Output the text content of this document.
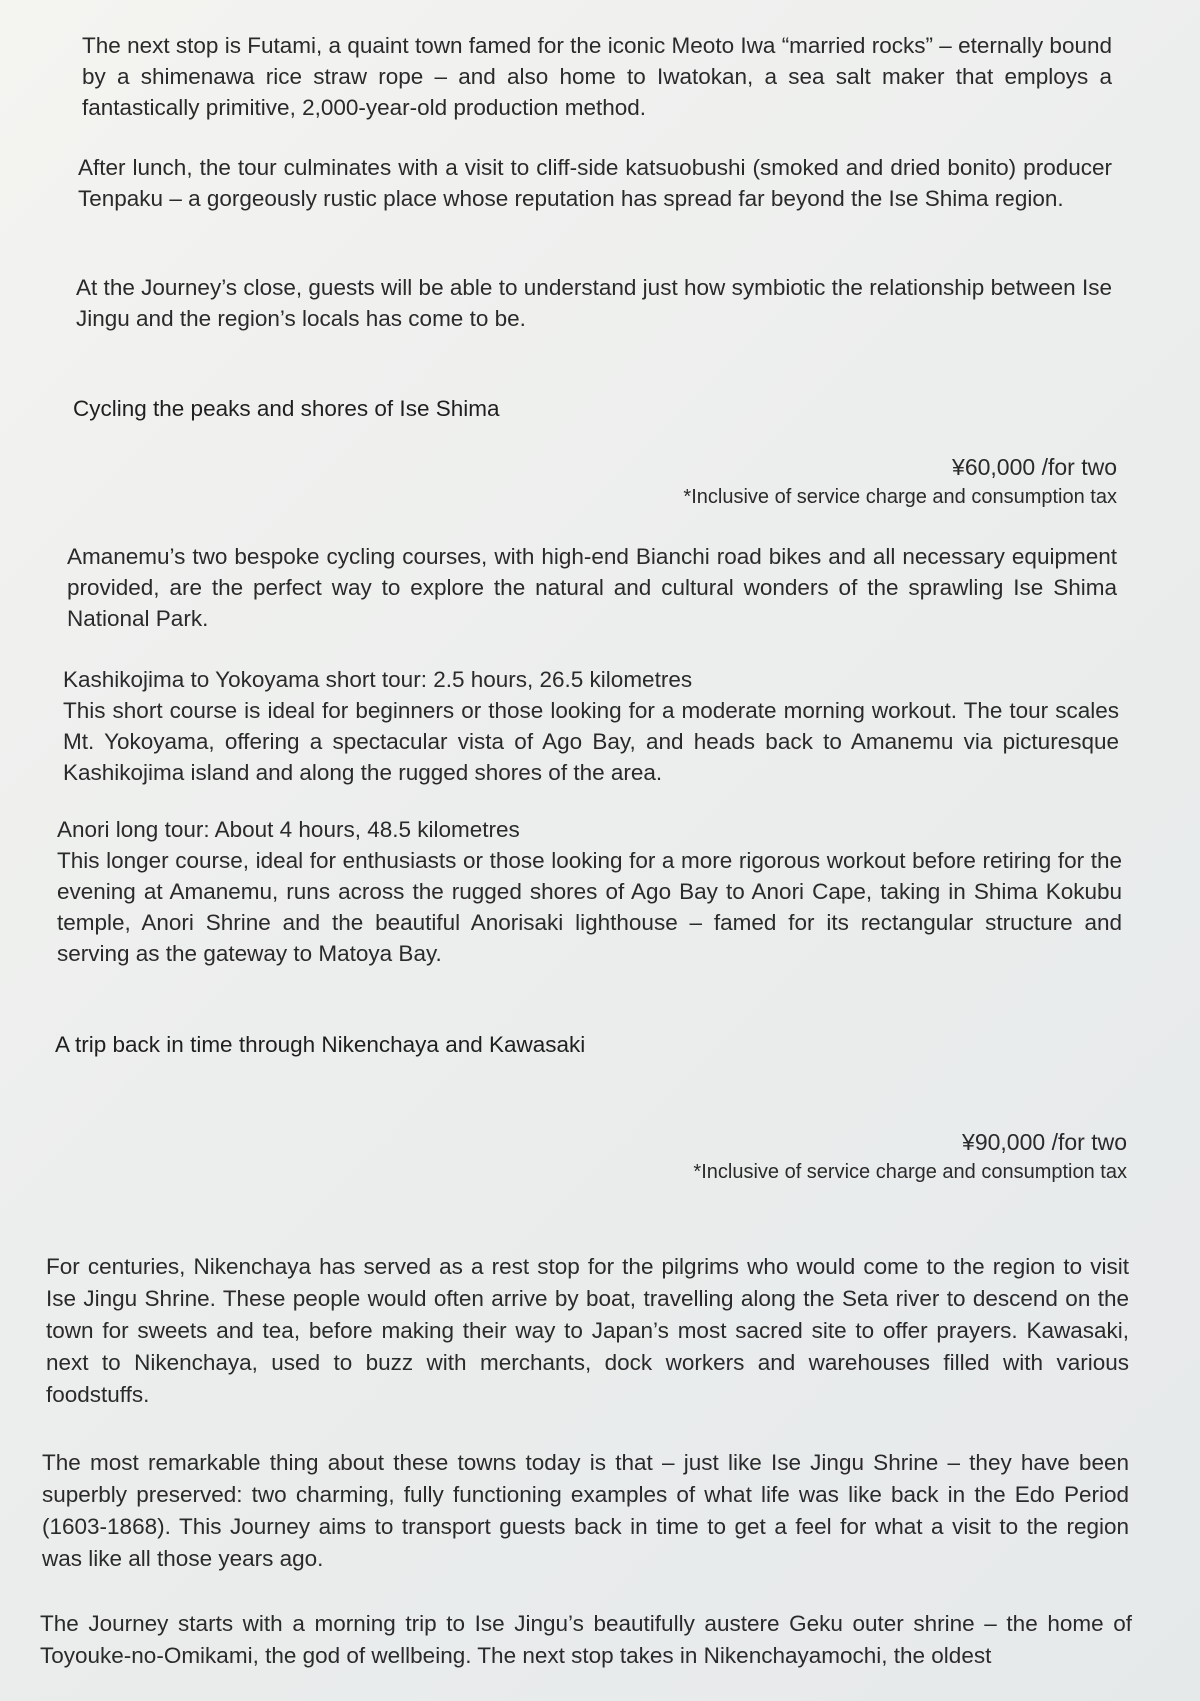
The next stop is Futami, a quaint town famed for the iconic Meoto Iwa “married rocks” – eternally bound by a shimenawa rice straw rope – and also home to Iwatokan, a sea salt maker that employs a fantastically primitive, 2,000-year-old production method.

After lunch, the tour culminates with a visit to cliff-side katsuobushi (smoked and dried bonito) producer Tenpaku – a gorgeously rustic place whose reputation has spread far beyond the Ise Shima region.

At the Journey’s close, guests will be able to understand just how symbiotic the relationship between Ise Jingu and the region’s locals has come to be.

Cycling the peaks and shores of Ise Shima
¥60,000 /for two
*Inclusive of service charge and consumption tax

Amanemu’s two bespoke cycling courses, with high-end Bianchi road bikes and all necessary equipment provided, are the perfect way to explore the natural and cultural wonders of the sprawling Ise Shima National Park.

Kashikojima to Yokoyama short tour: 2.5 hours, 26.5 kilometres
This short course is ideal for beginners or those looking for a moderate morning workout. The tour scales Mt. Yokoyama, offering a spectacular vista of Ago Bay, and heads back to Amanemu via picturesque Kashikojima island and along the rugged shores of the area.
Anori long tour: About 4 hours, 48.5 kilometres
This longer course, ideal for enthusiasts or those looking for a more rigorous workout before retiring for the evening at Amanemu, runs across the rugged shores of Ago Bay to Anori Cape, taking in Shima Kokubu temple, Anori Shrine and the beautiful Anorisaki lighthouse – famed for its rectangular structure and serving as the gateway to Matoya Bay.
A trip back in time through Nikenchaya and Kawasaki
¥90,000 /for two
*Inclusive of service charge and consumption tax

For centuries, Nikenchaya has served as a rest stop for the pilgrims who would come to the region to visit Ise Jingu Shrine. These people would often arrive by boat, travelling along the Seta river to descend on the town for sweets and tea, before making their way to Japan’s most sacred site to offer prayers. Kawasaki, next to Nikenchaya, used to buzz with merchants, dock workers and warehouses filled with various foodstuffs.

The most remarkable thing about these towns today is that – just like Ise Jingu Shrine – they have been superbly preserved: two charming, fully functioning examples of what life was like back in the Edo Period (1603-1868). This Journey aims to transport guests back in time to get a feel for what a visit to the region was like all those years ago.

The Journey starts with a morning trip to Ise Jingu’s beautifully austere Geku outer shrine – the home of Toyouke-no-Omikami, the god of wellbeing. The next stop takes in Nikenchayamochi, the oldest
